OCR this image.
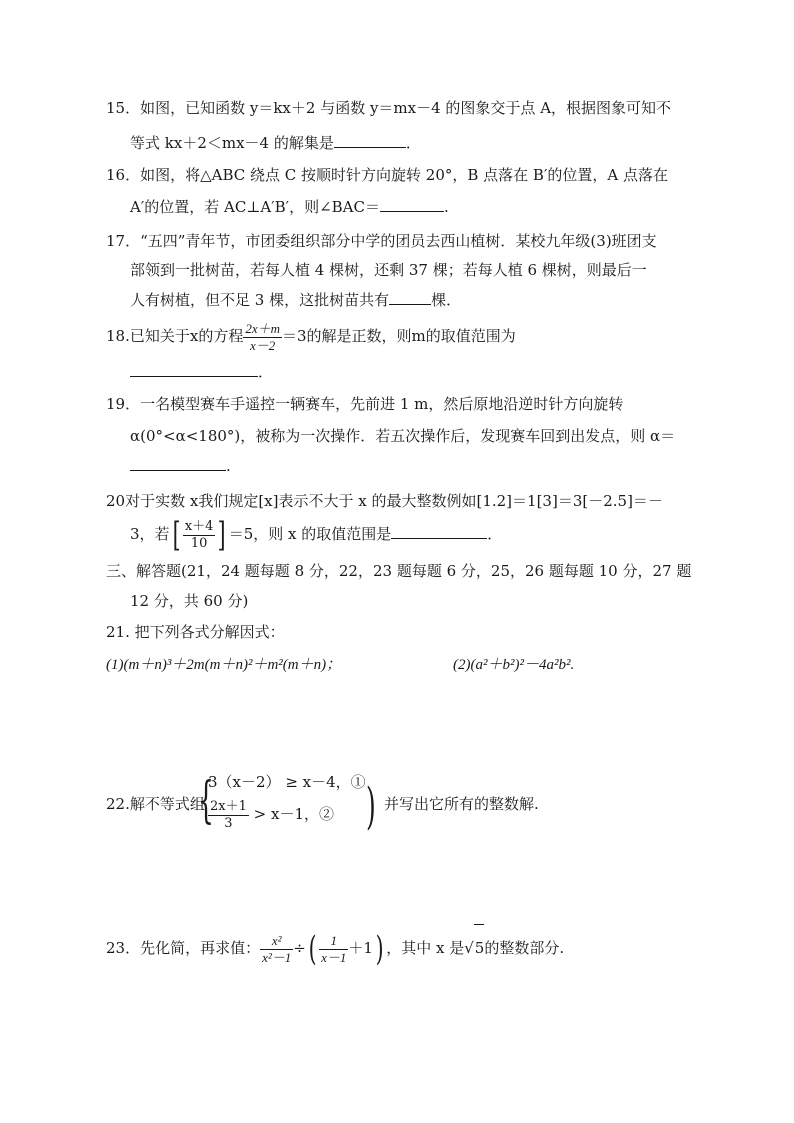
15．如图，已知函数 y＝kx＋2 与函数 y＝mx－4 的图象交于点 A，根据图象可知不
等式 kx＋2＜mx－4 的解集是	．
16．如图，将△ABC 绕点 C 按顺时针方向旋转 20°，B 点落在 B′的位置，A 点落在
A′的位置，若 AC⊥A′B′，则∠BAC＝	.
17．“五四”青年节，市团委组织部分中学的团员去西山植树．某校九年级(3)班团支
部领到一批树苗，若每人植 4 棵树，还剩 37 棵；若每人植 6 棵树，则最后一
人有树植，但不足 3 棵，这批树苗共有	棵．
18.已知关于x的方程 $\frac{2x+m}{x-2} =3$的解是正数，则m的取值范围为
．
19．一名模型赛车手遥控一辆赛车，先前进 1 m，然后原地沿逆时针方向旋转
α(0°<α<180°)，被称为一次操作．若五次操作后，发现赛车回到出发点，则 α＝
.
20对于实数 x我们规定[x]表示不大于 x 的最大整数例如[1.2]＝1[3]＝3[－2.5]＝－
3，若[ $\frac{x+4}{10}$ ] ＝5，则 x 的取值范围是	．
三、解答题(21，24 题每题 8 分，22，23 题每题 6 分，25，26 题每题 10 分，27 题
12 分，共 60 分)
21. 把下列各式分解因式：
(1)(m＋n)³＋2m(m＋n)²＋m²(m＋n)；	(2)(a²＋b²)²－4a²b².
22.解不等式组
{
3（x－2） ≥ x－4，①
$\frac{2x+1}{3} > x-1$，② ) 并写出它所有的整数解.
23．先化简，再求值： $\frac{\text{x²}}{\text{x²－1}}$ ÷( $\frac{1}{x-1} +1$) ，其中 x 是√5的整数部分.
